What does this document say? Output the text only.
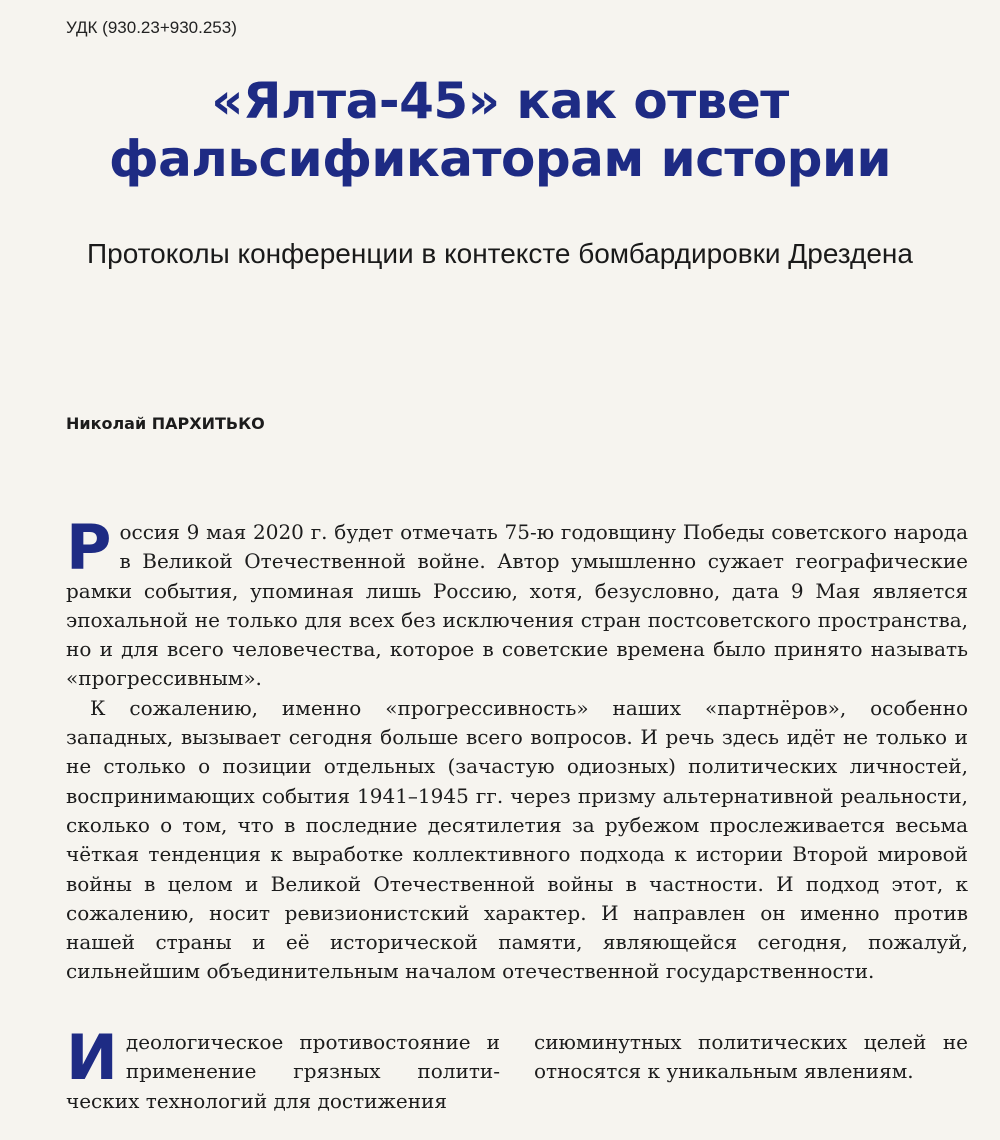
УДК (930.23+930.253)
«Ялта-45» как ответ
фальсификаторам истории
Протоколы конференции в контексте бомбардировки Дрездена
Николай ПАРХИТЬКО

Россия 9 мая 2020 г. будет отмечать 75-ю годовщину Победы советского народа в Великой Отечественной войне. Автор умышленно сужает географические рамки события, упоминая лишь Россию, хотя, безусловно, дата 9 Мая является эпохальной не только для всех без исключения стран постсоветского пространства, но и для всего человечества, которое в советские времена было принято называть «прогрессивным».

К сожалению, именно «прогрессивность» наших «партнёров», особенно западных, вызывает сегодня больше всего вопросов. И речь здесь идёт не только и не столько о позиции отдельных (зачастую одиозных) политических личностей, воспринимающих события 1941–1945 гг. через призму альтернативной реальности, сколько о том, что в последние десятилетия за рубежом прослеживается весьма чёткая тенденция к выработке коллективного подхода к истории Второй мировой войны в целом и Великой Отечественной войны в частности. И подход этот, к сожалению, носит ревизионистский характер. И направлен он именно против нашей страны и её исторической памяти, являющейся сегодня, пожалуй, сильнейшим объединительным началом отечественной государственности.

Идеологическое противостояние и применение грязных политических технологий для достижения

сиюминутных политических целей не относятся к уникальным явлениям.
